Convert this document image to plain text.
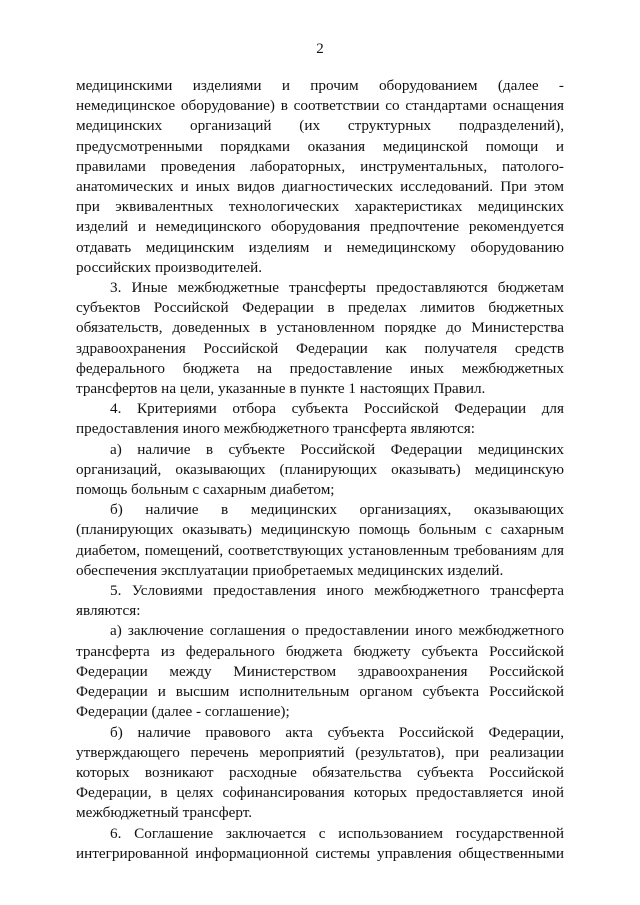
2

медицинскими изделиями и прочим оборудованием (далее - немедицинское оборудование) в соответствии со стандартами оснащения медицинских организаций (их структурных подразделений), предусмотренными порядками оказания медицинской помощи и правилами проведения лабораторных, инструментальных, патолого-анатомических и иных видов диагностических исследований. При этом при эквивалентных технологических характеристиках медицинских изделий и немедицинского оборудования предпочтение рекомендуется отдавать медицинским изделиям и немедицинскому оборудованию российских производителей.

3. Иные межбюджетные трансферты предоставляются бюджетам субъектов Российской Федерации в пределах лимитов бюджетных обязательств, доведенных в установленном порядке до Министерства здравоохранения Российской Федерации как получателя средств федерального бюджета на предоставление иных межбюджетных трансфертов на цели, указанные в пункте 1 настоящих Правил.

4. Критериями отбора субъекта Российской Федерации для предоставления иного межбюджетного трансферта являются:

а) наличие в субъекте Российской Федерации медицинских организаций, оказывающих (планирующих оказывать) медицинскую помощь больным с сахарным диабетом;

б) наличие в медицинских организациях, оказывающих (планирующих оказывать) медицинскую помощь больным с сахарным диабетом, помещений, соответствующих установленным требованиям для обеспечения эксплуатации приобретаемых медицинских изделий.

5. Условиями предоставления иного межбюджетного трансферта являются:

а) заключение соглашения о предоставлении иного межбюджетного трансферта из федерального бюджета бюджету субъекта Российской Федерации между Министерством здравоохранения Российской Федерации и высшим исполнительным органом субъекта Российской Федерации (далее - соглашение);

б) наличие правового акта субъекта Российской Федерации, утверждающего перечень мероприятий (результатов), при реализации которых возникают расходные обязательства субъекта Российской Федерации, в целях софинансирования которых предоставляется иной межбюджетный трансферт.

6. Соглашение заключается с использованием государственной интегрированной информационной системы управления общественными
